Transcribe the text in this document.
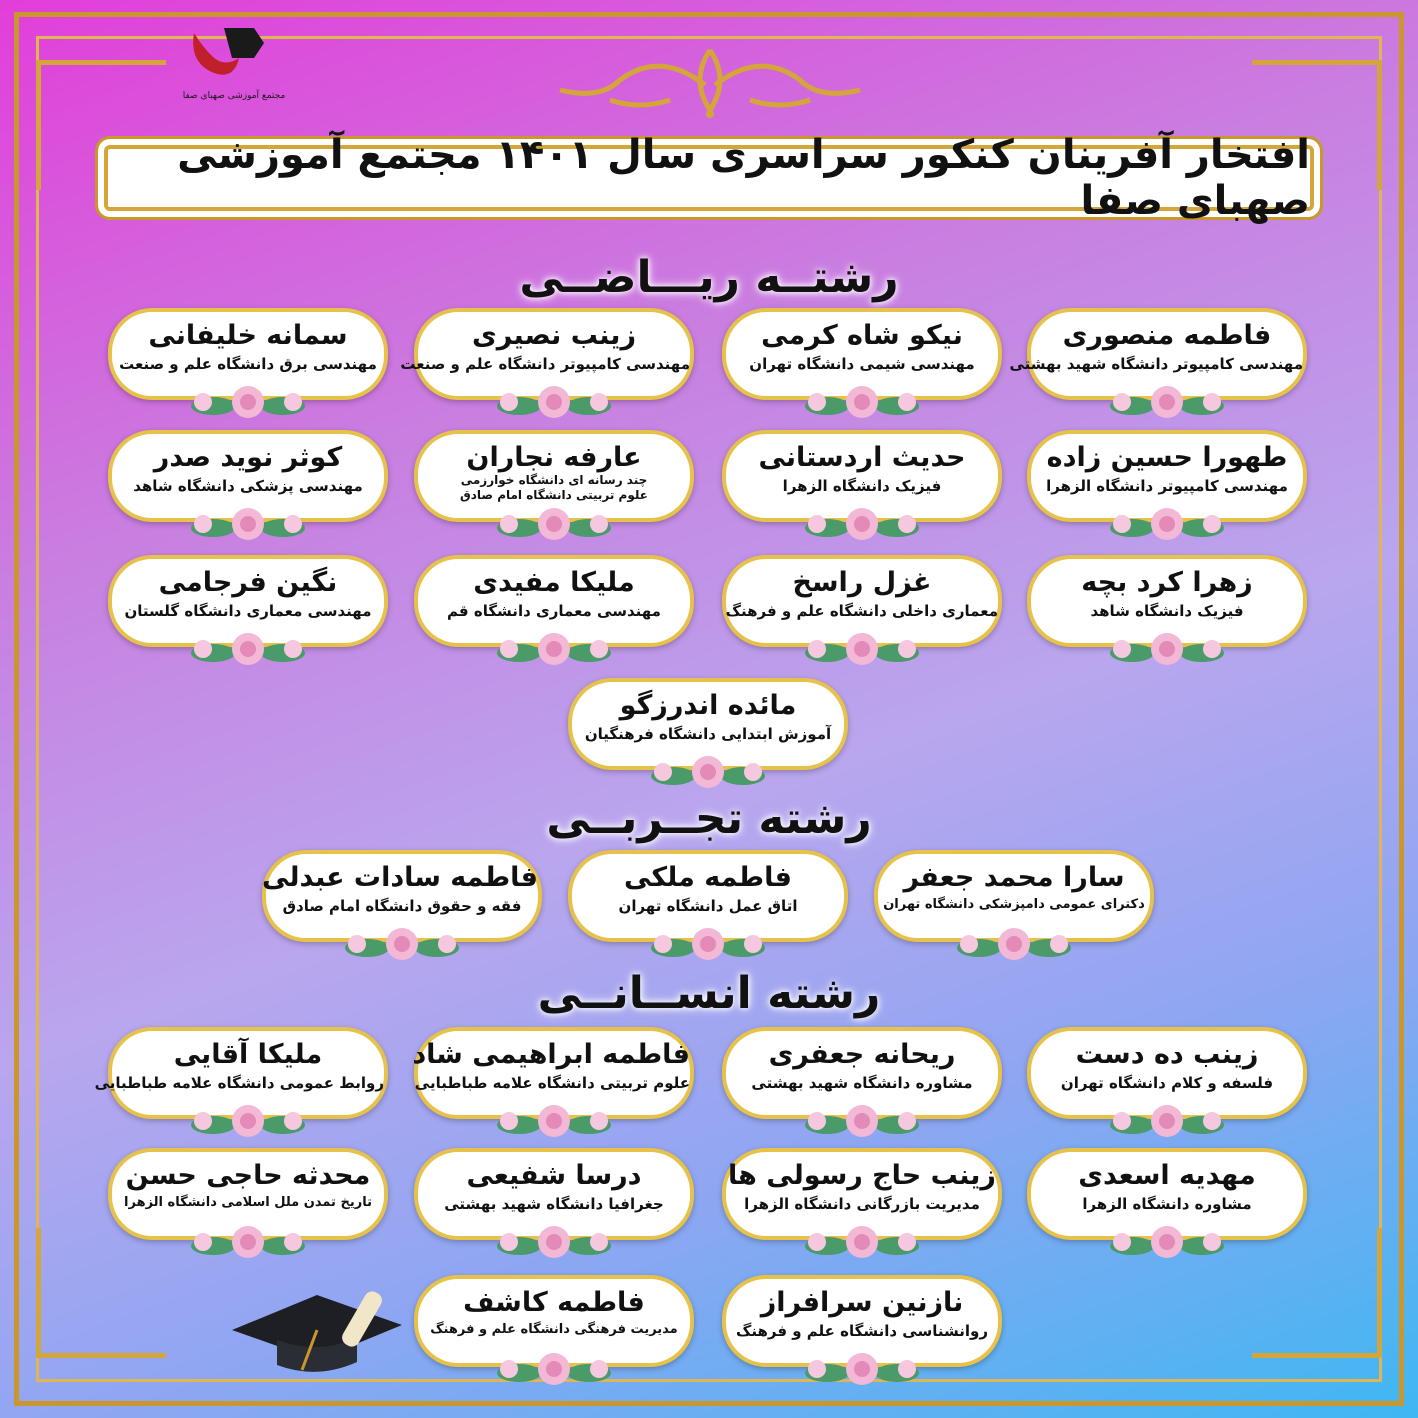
مجتمع آموزشی صهبای صفا
افتخار آفرینان کنکور سراسری سال ۱۴۰۱ مجتمع آموزشی صهبای صفا
رشتــه ریـــاضــی
رشته تجــربــی
رشته انســانــی
فاطمه منصوری
مهندسی کامپیوتر دانشگاه شهید بهشتی
نیکو شاه کرمی
مهندسی شیمی دانشگاه تهران
زینب نصیری
مهندسی کامپیوتر دانشگاه علم و صنعت
سمانه خلیفانی
مهندسی برق دانشگاه علم و صنعت
طهورا حسین زاده
مهندسی کامپیوتر دانشگاه الزهرا
حدیث اردستانی
فیزیک دانشگاه الزهرا
عارفه نجاران
چند رسانه ای دانشگاه خوارزمی
علوم تربیتی دانشگاه امام صادق
کوثر نوید صدر
مهندسی پزشکی دانشگاه شاهد
زهرا کرد بچه
فیزیک دانشگاه شاهد
غزل راسخ
معماری داخلی دانشگاه علم و فرهنگ
ملیکا مفیدی
مهندسی معماری دانشگاه قم
نگین فرجامی
مهندسی معماری دانشگاه گلستان
مائده اندرزگو
آموزش ابتدایی دانشگاه فرهنگیان
سارا محمد جعفر
دکترای عمومی دامپزشکی دانشگاه تهران
فاطمه ملکی
اتاق عمل دانشگاه تهران
فاطمه سادات عبدلی
فقه و حقوق دانشگاه امام صادق
زینب ده دست
فلسفه و کلام دانشگاه تهران
ریحانه جعفری
مشاوره دانشگاه شهید بهشتی
فاطمه ابراهیمی شاد
علوم تربیتی دانشگاه علامه طباطبایی
ملیکا آقایی
روابط عمومی دانشگاه علامه طباطبایی
مهدیه اسعدی
مشاوره دانشگاه الزهرا
زینب حاج رسولی ها
مدیریت بازرگانی دانشگاه الزهرا
درسا شفیعی
جغرافیا دانشگاه شهید بهشتی
محدثه حاجی حسن
تاریخ تمدن ملل اسلامی دانشگاه الزهرا
نازنین سرافراز
روانشناسی دانشگاه علم و فرهنگ
فاطمه کاشف
مدیریت فرهنگی دانشگاه علم و فرهنگ
